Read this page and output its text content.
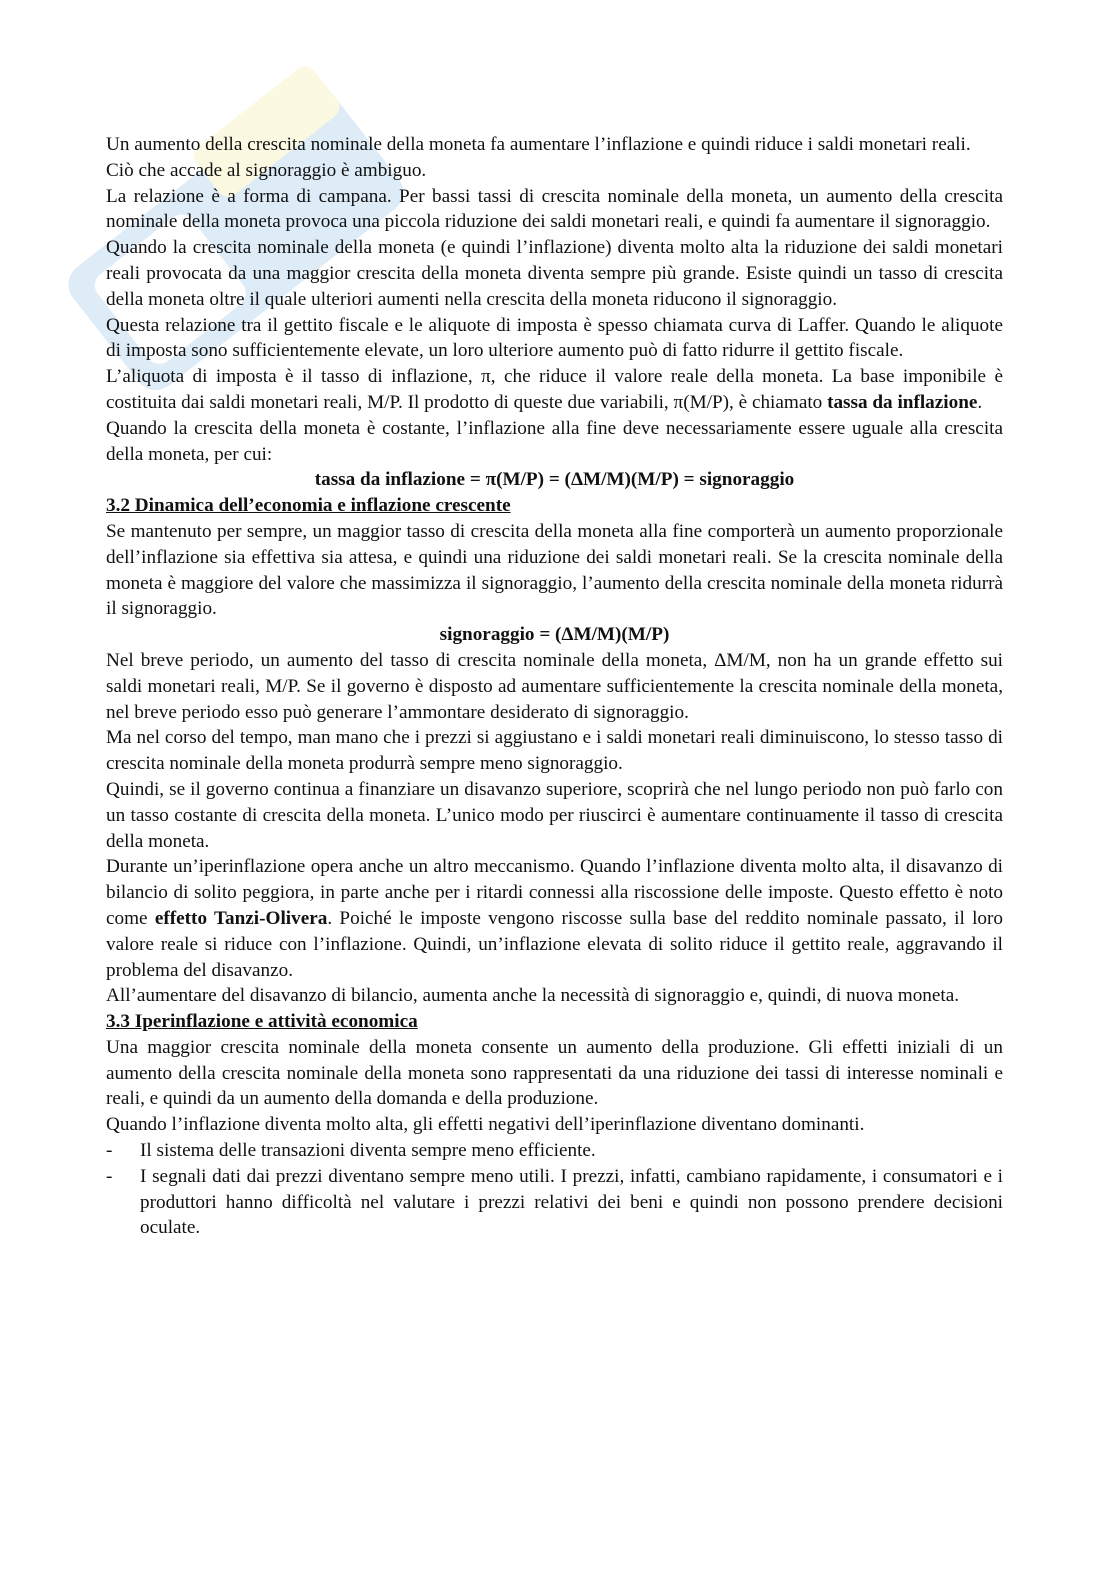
Un aumento della crescita nominale della moneta fa aumentare l’inflazione e quindi riduce i saldi monetari reali.

Ciò che accade al signoraggio è ambiguo.

La relazione è a forma di campana. Per bassi tassi di crescita nominale della moneta, un aumento della crescita nominale della moneta provoca una piccola riduzione dei saldi monetari reali, e quindi fa aumentare il signoraggio.

Quando la crescita nominale della moneta (e quindi l’inflazione) diventa molto alta la riduzione dei saldi monetari reali provocata da una maggior crescita della moneta diventa sempre più grande. Esiste quindi un tasso di crescita della moneta oltre il quale ulteriori aumenti nella crescita della moneta riducono il signoraggio.

Questa relazione tra il gettito fiscale e le aliquote di imposta è spesso chiamata curva di Laffer. Quando le aliquote di imposta sono sufficientemente elevate, un loro ulteriore aumento può di fatto ridurre il gettito fiscale.

L’aliquota di imposta è il tasso di inflazione, π, che riduce il valore reale della moneta. La base imponibile è costituita dai saldi monetari reali, M/P. Il prodotto di queste due variabili, π(M/P), è chiamato tassa da inflazione.

Quando la crescita della moneta è costante, l’inflazione alla fine deve necessariamente essere uguale alla crescita della moneta, per cui:

tassa da inflazione = π(M/P) = (ΔM/M)(M/P) = signoraggio

3.2 Dinamica dell’economia e inflazione crescente

Se mantenuto per sempre, un maggior tasso di crescita della moneta alla fine comporterà un aumento proporzionale dell’inflazione sia effettiva sia attesa, e quindi una riduzione dei saldi monetari reali. Se la crescita nominale della moneta è maggiore del valore che massimizza il signoraggio, l’aumento della crescita nominale della moneta ridurrà il signoraggio.

signoraggio = (ΔM/M)(M/P)

Nel breve periodo, un aumento del tasso di crescita nominale della moneta, ΔM/M, non ha un grande effetto sui saldi monetari reali, M/P. Se il governo è disposto ad aumentare sufficientemente la crescita nominale della moneta, nel breve periodo esso può generare l’ammontare desiderato di signoraggio.

Ma nel corso del tempo, man mano che i prezzi si aggiustano e i saldi monetari reali diminuiscono, lo stesso tasso di crescita nominale della moneta produrrà sempre meno signoraggio.

Quindi, se il governo continua a finanziare un disavanzo superiore, scoprirà che nel lungo periodo non può farlo con un tasso costante di crescita della moneta. L’unico modo per riuscirci è aumentare continuamente il tasso di crescita della moneta.

Durante un’iperinflazione opera anche un altro meccanismo. Quando l’inflazione diventa molto alta, il disavanzo di bilancio di solito peggiora, in parte anche per i ritardi connessi alla riscossione delle imposte. Questo effetto è noto come effetto Tanzi-Olivera. Poiché le imposte vengono riscosse sulla base del reddito nominale passato, il loro valore reale si riduce con l’inflazione. Quindi, un’inflazione elevata di solito riduce il gettito reale, aggravando il problema del disavanzo.

All’aumentare del disavanzo di bilancio, aumenta anche la necessità di signoraggio e, quindi, di nuova moneta.

3.3 Iperinflazione e attività economica

Una maggior crescita nominale della moneta consente un aumento della produzione. Gli effetti iniziali di un aumento della crescita nominale della moneta sono rappresentati da una riduzione dei tassi di interesse nominali e reali, e quindi da un aumento della domanda e della produzione.

Quando l’inflazione diventa molto alta, gli effetti negativi dell’iperinflazione diventano dominanti.

-	Il sistema delle transazioni diventa sempre meno efficiente.
-	I segnali dati dai prezzi diventano sempre meno utili. I prezzi, infatti, cambiano rapidamente, i consumatori e i produttori hanno difficoltà nel valutare i prezzi relativi dei beni e quindi non possono prendere decisioni oculate.
